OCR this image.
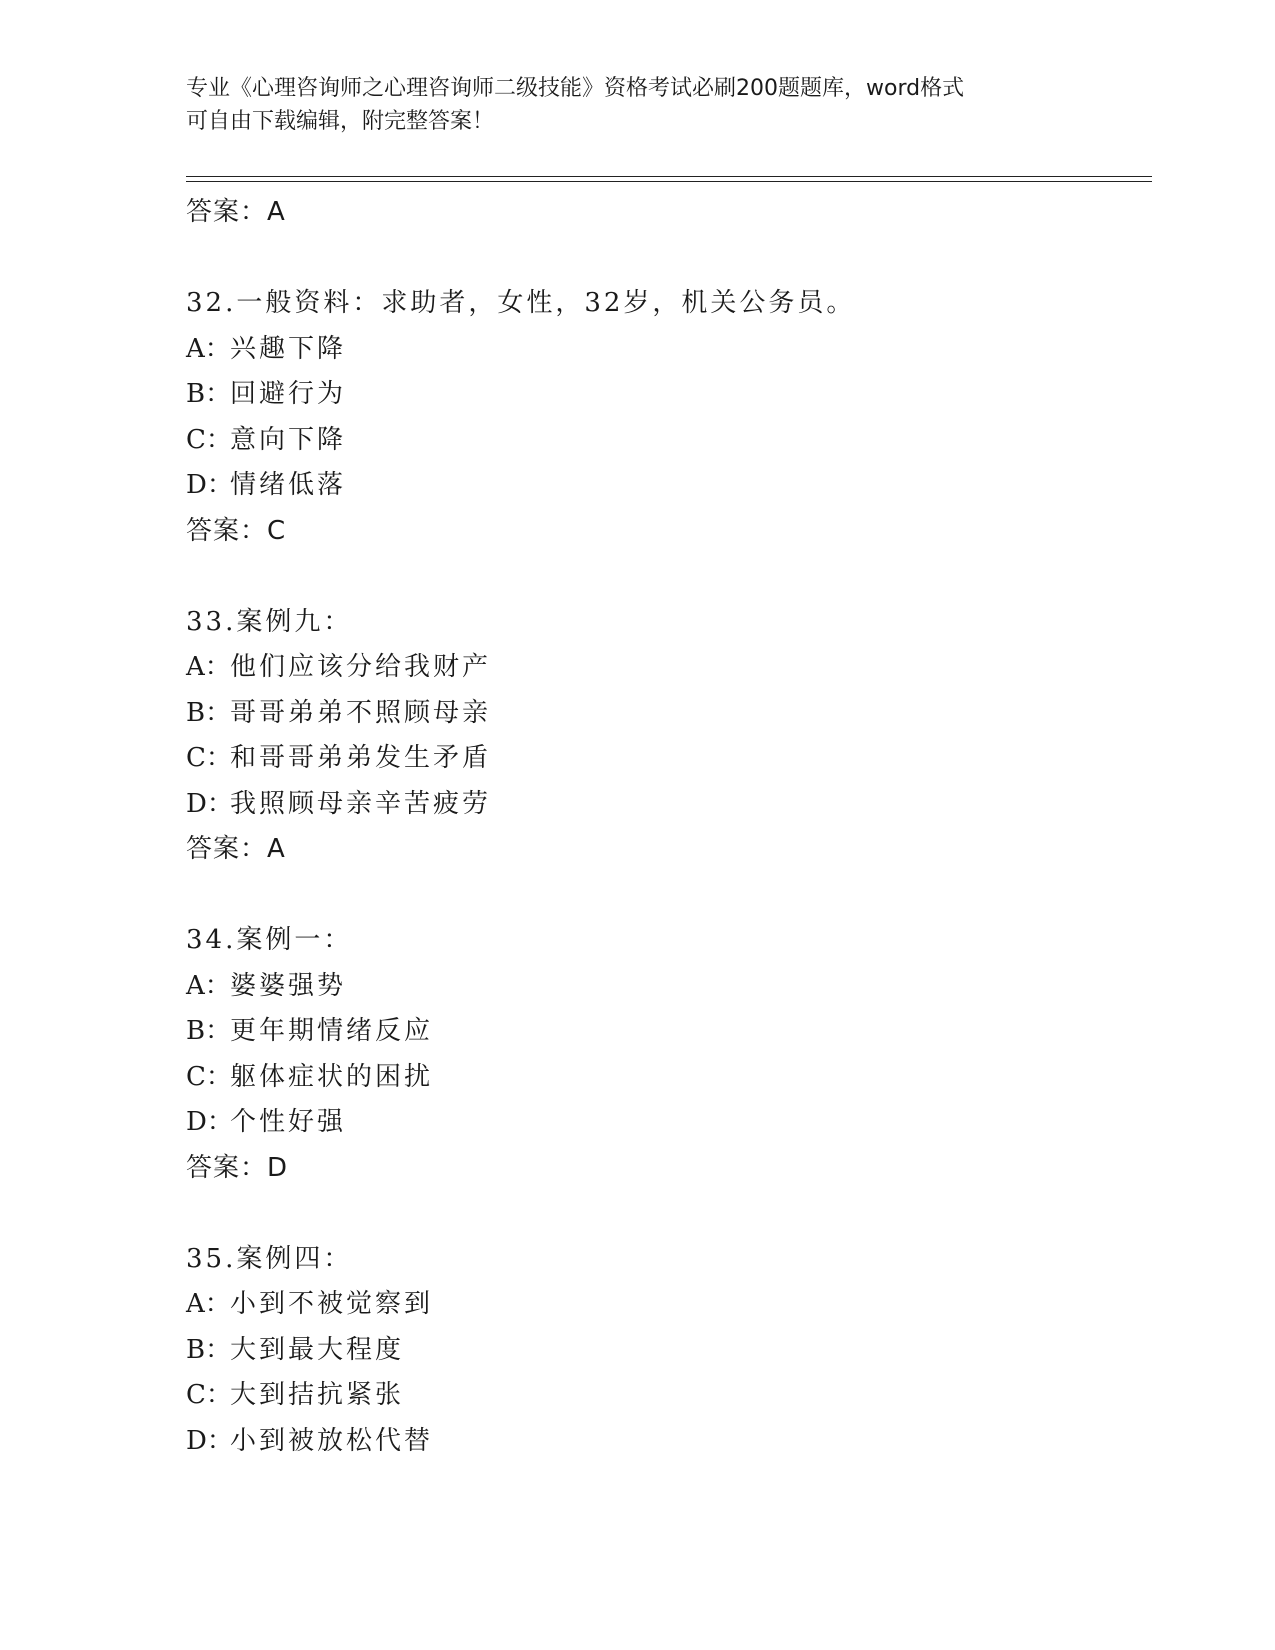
专业《心理咨询师之心理咨询师二级技能》资格考试必刷200题题库，word格式
可自由下载编辑，附完整答案！
答案：A
32.一般资料：求助者，女性，32岁，机关公务员。
A：兴趣下降
B：回避行为
C：意向下降
D：情绪低落
答案：C
33.案例九：
A：他们应该分给我财产
B：哥哥弟弟不照顾母亲
C：和哥哥弟弟发生矛盾
D：我照顾母亲辛苦疲劳
答案：A
34.案例一：
A：婆婆强势
B：更年期情绪反应
C：躯体症状的困扰
D：个性好强
答案：D
35.案例四：
A：小到不被觉察到
B：大到最大程度
C：大到拮抗紧张
D：小到被放松代替
